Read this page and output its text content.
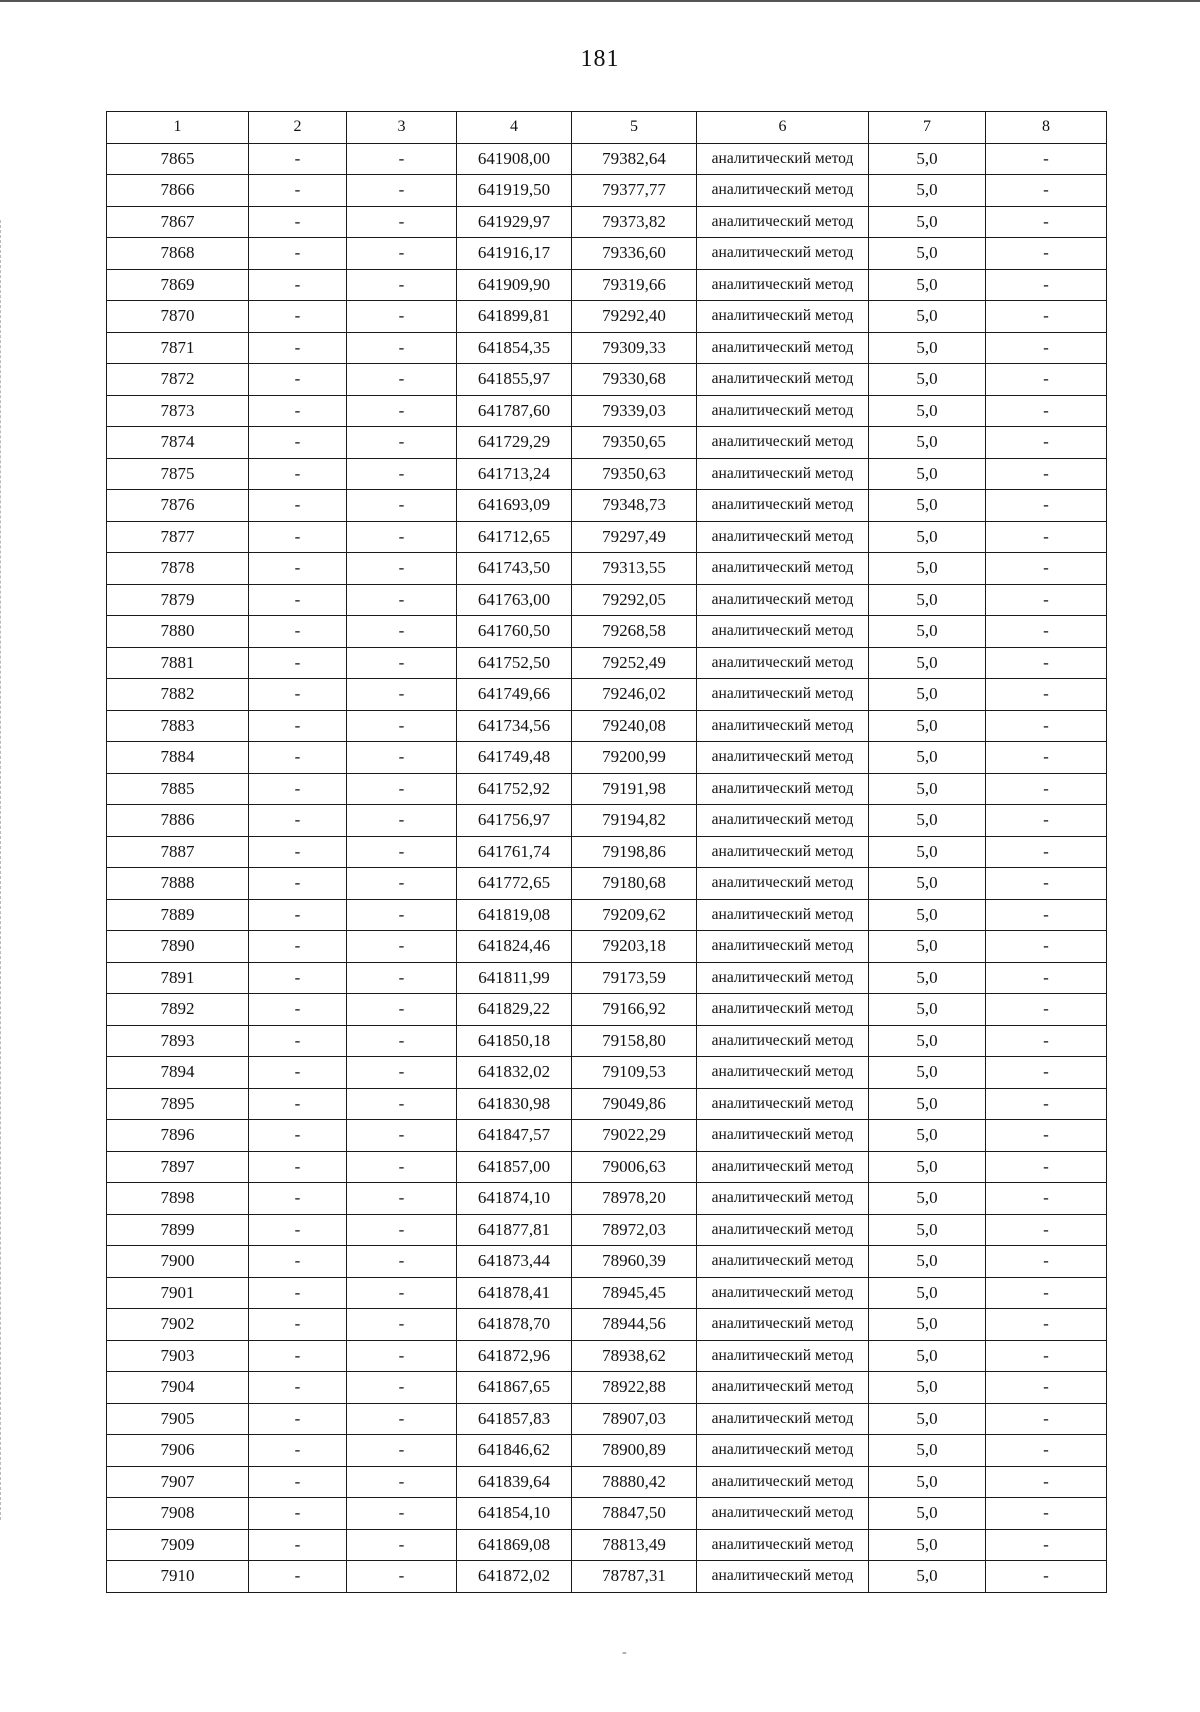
181
1	2	3	4	5	6	7	8
7865	-	-	641908,00	79382,64	аналитический метод	5,0	-
7866	-	-	641919,50	79377,77	аналитический метод	5,0	-
7867	-	-	641929,97	79373,82	аналитический метод	5,0	-
7868	-	-	641916,17	79336,60	аналитический метод	5,0	-
7869	-	-	641909,90	79319,66	аналитический метод	5,0	-
7870	-	-	641899,81	79292,40	аналитический метод	5,0	-
7871	-	-	641854,35	79309,33	аналитический метод	5,0	-
7872	-	-	641855,97	79330,68	аналитический метод	5,0	-
7873	-	-	641787,60	79339,03	аналитический метод	5,0	-
7874	-	-	641729,29	79350,65	аналитический метод	5,0	-
7875	-	-	641713,24	79350,63	аналитический метод	5,0	-
7876	-	-	641693,09	79348,73	аналитический метод	5,0	-
7877	-	-	641712,65	79297,49	аналитический метод	5,0	-
7878	-	-	641743,50	79313,55	аналитический метод	5,0	-
7879	-	-	641763,00	79292,05	аналитический метод	5,0	-
7880	-	-	641760,50	79268,58	аналитический метод	5,0	-
7881	-	-	641752,50	79252,49	аналитический метод	5,0	-
7882	-	-	641749,66	79246,02	аналитический метод	5,0	-
7883	-	-	641734,56	79240,08	аналитический метод	5,0	-
7884	-	-	641749,48	79200,99	аналитический метод	5,0	-
7885	-	-	641752,92	79191,98	аналитический метод	5,0	-
7886	-	-	641756,97	79194,82	аналитический метод	5,0	-
7887	-	-	641761,74	79198,86	аналитический метод	5,0	-
7888	-	-	641772,65	79180,68	аналитический метод	5,0	-
7889	-	-	641819,08	79209,62	аналитический метод	5,0	-
7890	-	-	641824,46	79203,18	аналитический метод	5,0	-
7891	-	-	641811,99	79173,59	аналитический метод	5,0	-
7892	-	-	641829,22	79166,92	аналитический метод	5,0	-
7893	-	-	641850,18	79158,80	аналитический метод	5,0	-
7894	-	-	641832,02	79109,53	аналитический метод	5,0	-
7895	-	-	641830,98	79049,86	аналитический метод	5,0	-
7896	-	-	641847,57	79022,29	аналитический метод	5,0	-
7897	-	-	641857,00	79006,63	аналитический метод	5,0	-
7898	-	-	641874,10	78978,20	аналитический метод	5,0	-
7899	-	-	641877,81	78972,03	аналитический метод	5,0	-
7900	-	-	641873,44	78960,39	аналитический метод	5,0	-
7901	-	-	641878,41	78945,45	аналитический метод	5,0	-
7902	-	-	641878,70	78944,56	аналитический метод	5,0	-
7903	-	-	641872,96	78938,62	аналитический метод	5,0	-
7904	-	-	641867,65	78922,88	аналитический метод	5,0	-
7905	-	-	641857,83	78907,03	аналитический метод	5,0	-
7906	-	-	641846,62	78900,89	аналитический метод	5,0	-
7907	-	-	641839,64	78880,42	аналитический метод	5,0	-
7908	-	-	641854,10	78847,50	аналитический метод	5,0	-
7909	-	-	641869,08	78813,49	аналитический метод	5,0	-
7910	-	-	641872,02	78787,31	аналитический метод	5,0	-
-
